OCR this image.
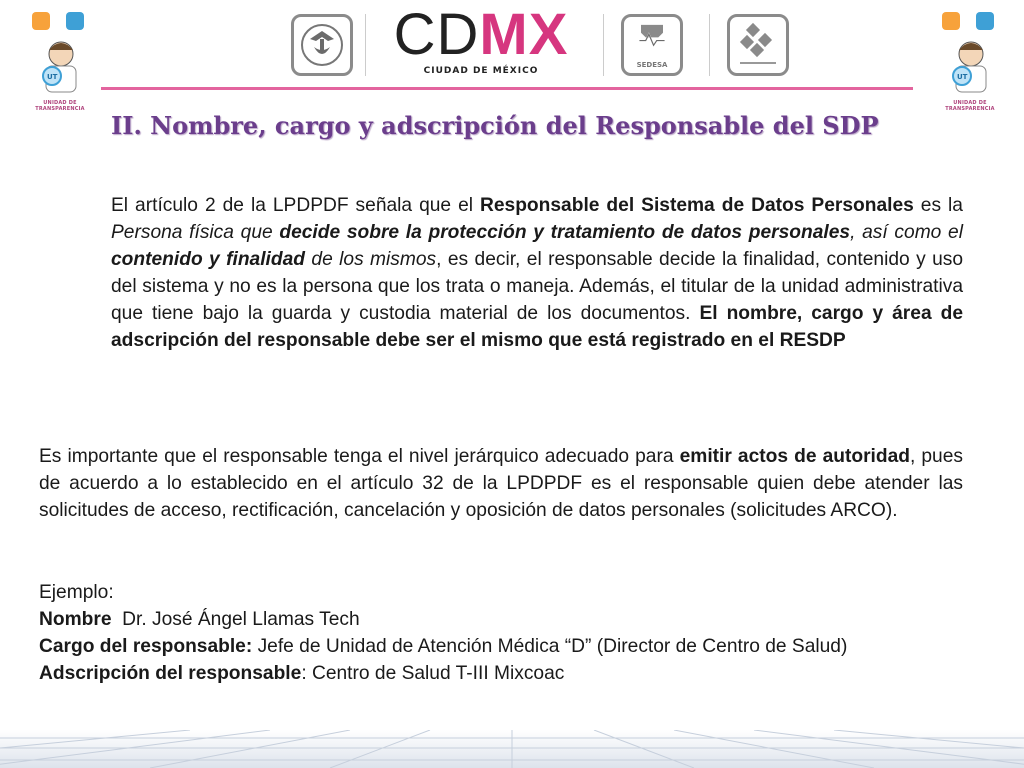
UT
UNIDAD DE TRANSPARENCIA
UT
UNIDAD DE TRANSPARENCIA
CDMX
CIUDAD DE MÉXICO
SEDESA
II. Nombre, cargo y adscripción del Responsable del SDP

El artículo 2 de la LPDPDF señala que el Responsable del Sistema de Datos Personales es la Persona física que decide sobre la protección y tratamiento de datos personales, así como el contenido y finalidad de los mismos, es decir, el responsable decide la finalidad, contenido y uso del sistema y no es la persona que los trata o maneja. Además, el titular de la unidad administrativa que tiene bajo la guarda y custodia material de los documentos. El nombre, cargo y área de adscripción del responsable debe ser el mismo que está registrado en el RESDP

Es importante que el responsable tenga el nivel jerárquico adecuado para emitir actos de autoridad, pues de acuerdo a lo establecido en el artículo 32 de la LPDPDF es el responsable quien debe atender las solicitudes de acceso, rectificación, cancelación y oposición de datos personales (solicitudes ARCO).

Ejemplo:

Nombre  Dr. José Ángel Llamas Tech

Cargo del responsable: Jefe de Unidad de Atención Médica “D” (Director de Centro de Salud)

Adscripción del responsable: Centro de Salud T-III Mixcoac
